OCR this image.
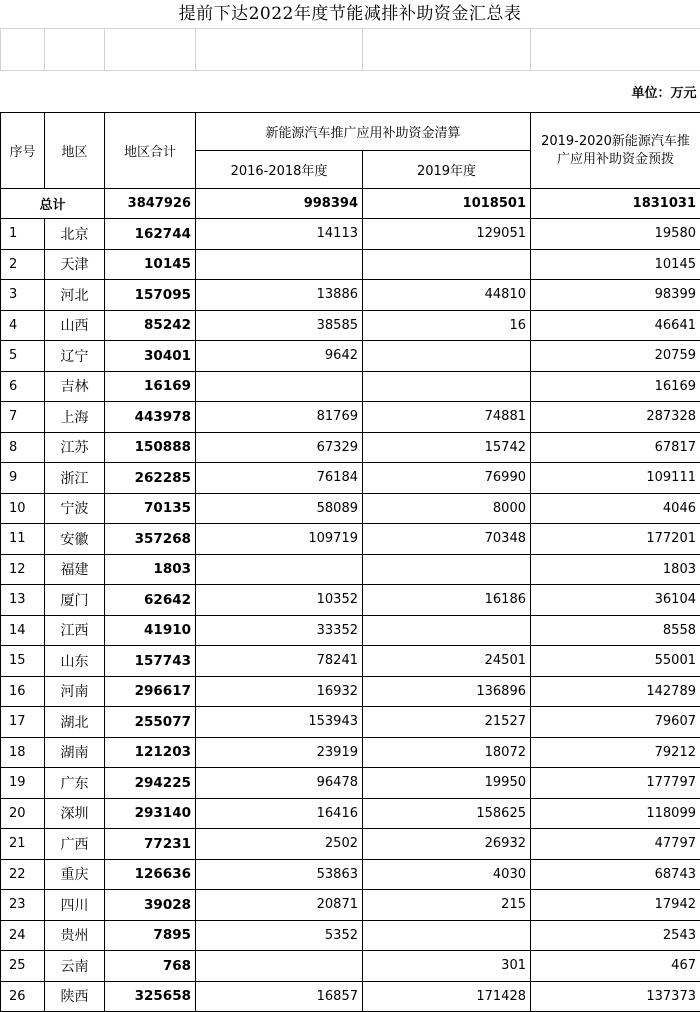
提前下达2022年度节能减排补助资金汇总表

单位：万元					
序号	地区	地区合计	新能源汽车推广应用补助资金清算		2019-2020新能源汽车推广应用补助资金预拨
			2016-2018年度	2019年度	
总计		3847926	998394	1018501	1831031
1	北京	162744	14113	129051	19580
2	天津	10145			10145
3	河北	157095	13886	44810	98399
4	山西	85242	38585	16	46641
5	辽宁	30401	9642		20759
6	吉林	16169			16169
7	上海	443978	81769	74881	287328
8	江苏	150888	67329	15742	67817
9	浙江	262285	76184	76990	109111
10	宁波	70135	58089	8000	4046
11	安徽	357268	109719	70348	177201
12	福建	1803			1803
13	厦门	62642	10352	16186	36104
14	江西	41910	33352		8558
15	山东	157743	78241	24501	55001
16	河南	296617	16932	136896	142789
17	湖北	255077	153943	21527	79607
18	湖南	121203	23919	18072	79212
19	广东	294225	96478	19950	177797
20	深圳	293140	16416	158625	118099
21	广西	77231	2502	26932	47797
22	重庆	126636	53863	4030	68743
23	四川	39028	20871	215	17942
24	贵州	7895	5352		2543
25	云南	768		301	467
26	陕西	325658	16857	171428	137373
